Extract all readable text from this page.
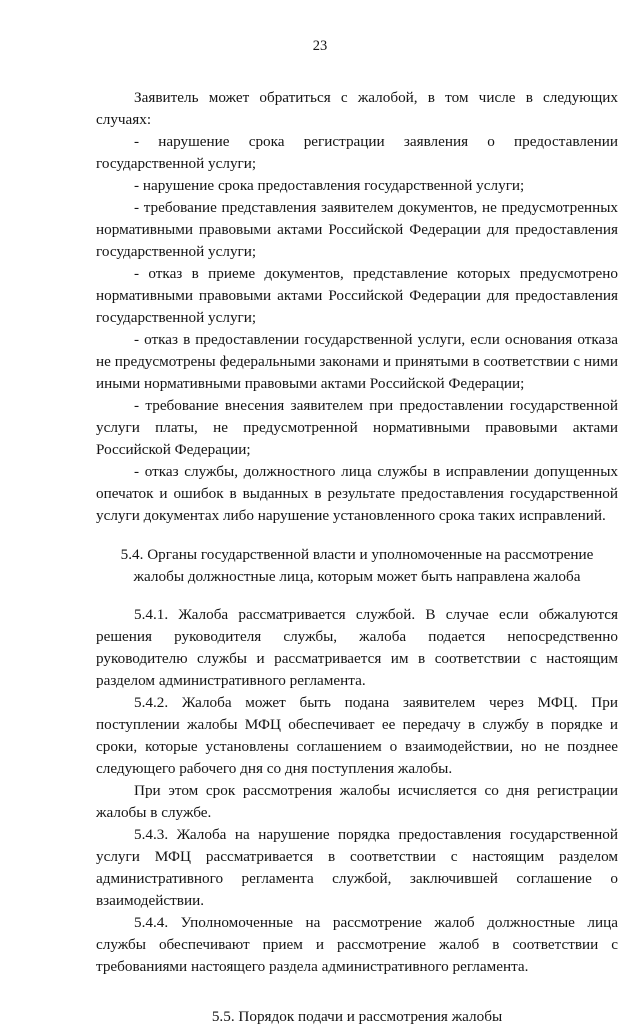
23

Заявитель может обратиться с жалобой, в том числе в следующих случаях:

- нарушение срока регистрации заявления о предоставлении государственной услуги;

- нарушение срока предоставления государственной услуги;

- требование представления заявителем документов, не предусмотренных нормативными правовыми актами Российской Федерации для предоставления государственной услуги;

- отказ в приеме документов, представление которых предусмотрено нормативными правовыми актами Российской Федерации для предоставления государственной услуги;

- отказ в предоставлении государственной услуги, если основания отказа не предусмотрены федеральными законами и принятыми в соответствии с ними иными нормативными правовыми актами Российской Федерации;

- требование внесения заявителем при предоставлении государственной услуги платы, не предусмотренной нормативными правовыми актами Российской Федерации;

- отказ службы, должностного лица службы в исправлении допущенных опечаток и ошибок в выданных в результате предоставления государственной услуги документах либо нарушение установленного срока таких исправлений.

5.4. Органы государственной власти и уполномоченные на рассмотрение жалобы должностные лица, которым может быть направлена жалоба

5.4.1. Жалоба рассматривается службой. В случае если обжалуются решения руководителя службы, жалоба подается непосредственно руководителю службы и рассматривается им в соответствии с настоящим разделом административного регламента.

5.4.2. Жалоба может быть подана заявителем через МФЦ. При поступлении жалобы МФЦ обеспечивает ее передачу в службу в порядке и сроки, которые установлены соглашением о взаимодействии, но не позднее следующего рабочего дня со дня поступления жалобы.

При этом срок рассмотрения жалобы исчисляется со дня регистрации жалобы в службе.

5.4.3. Жалоба на нарушение порядка предоставления государственной услуги МФЦ рассматривается в соответствии с настоящим разделом административного регламента службой, заключившей соглашение о взаимодействии.

5.4.4. Уполномоченные на рассмотрение жалоб должностные лица службы обеспечивают прием и рассмотрение жалоб в соответствии с требованиями настоящего раздела административного регламента.

5.5. Порядок подачи и рассмотрения жалобы
